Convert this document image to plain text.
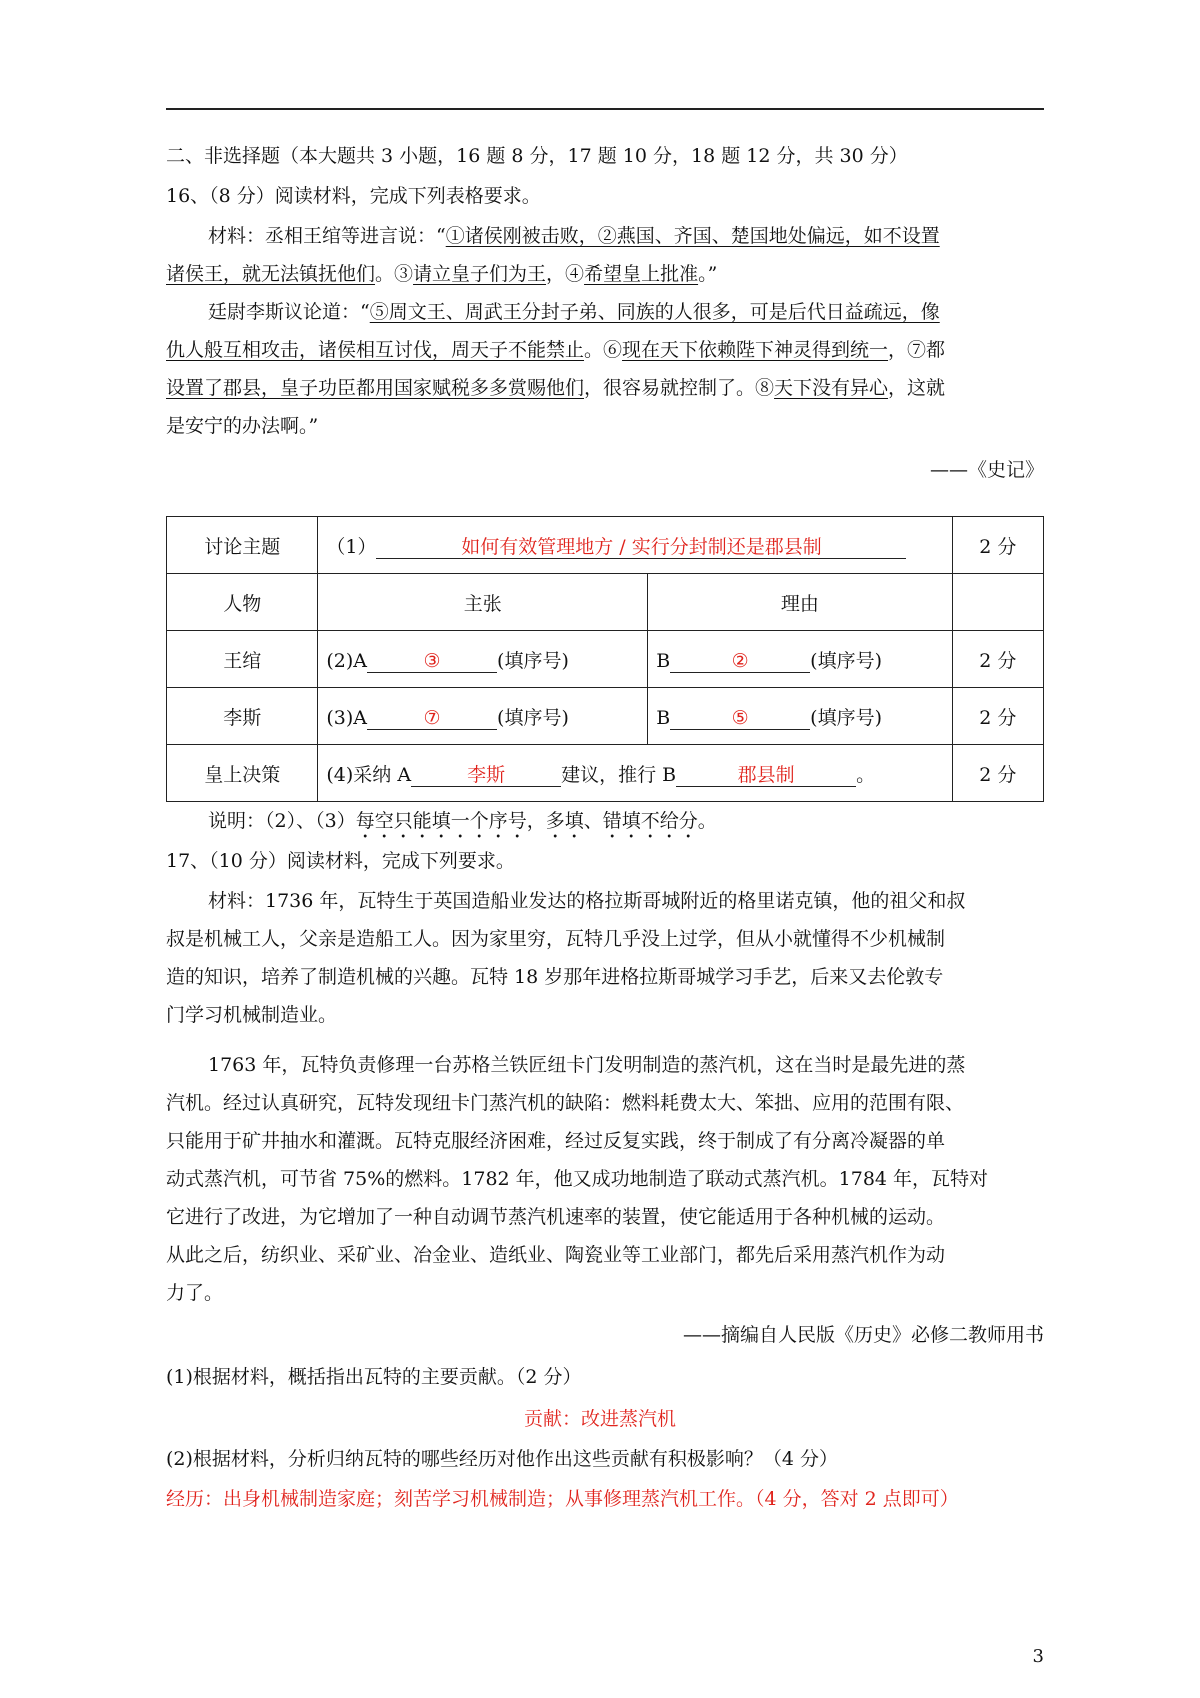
二、非选择题（本大题共 3 小题，16 题 8 分，17 题 10 分，18 题 12 分，共 30 分）
16、（8 分）阅读材料，完成下列表格要求。
材料：丞相王绾等进言说：“①诸侯刚被击败，②燕国、齐国、楚国地处偏远，如不设置
诸侯王，就无法镇抚他们。③请立皇子们为王，④希望皇上批准。”
廷尉李斯议论道：“⑤周文王、周武王分封子弟、同族的人很多，可是后代日益疏远，像
仇人般互相攻击，诸侯相互讨伐，周天子不能禁止。⑥现在天下依赖陛下神灵得到统一，⑦都
设置了郡县，皇子功臣都用国家赋税多多赏赐他们，很容易就控制了。⑧天下没有异心，这就
是安宁的办法啊。”
——《史记》
讨论主题	（1） 如何有效管理地方 / 实行分封制还是郡县制		2 分
人物	主张	理由	
王绾	(2)A ③ (填序号)	B ② (填序号)	2 分
李斯	(3)A ⑦ (填序号)	B ⑤ (填序号)	2 分
皇上决策	(4)采纳 A 李斯 建议，推行 B 郡县制 。		2 分
说明：（2）、（3）每空只能填一个序号，多填、错填不给分。
17、（10 分）阅读材料，完成下列要求。
材料：1736 年，瓦特生于英国造船业发达的格拉斯哥城附近的格里诺克镇，他的祖父和叔
叔是机械工人，父亲是造船工人。因为家里穷，瓦特几乎没上过学，但从小就懂得不少机械制
造的知识，培养了制造机械的兴趣。瓦特 18 岁那年进格拉斯哥城学习手艺，后来又去伦敦专
门学习机械制造业。
1763 年，瓦特负责修理一台苏格兰铁匠纽卡门发明制造的蒸汽机，这在当时是最先进的蒸
汽机。经过认真研究，瓦特发现纽卡门蒸汽机的缺陷：燃料耗费太大、笨拙、应用的范围有限、
只能用于矿井抽水和灌溉。瓦特克服经济困难，经过反复实践，终于制成了有分离冷凝器的单
动式蒸汽机，可节省 75%的燃料。1782 年，他又成功地制造了联动式蒸汽机。1784 年，瓦特对
它进行了改进，为它增加了一种自动调节蒸汽机速率的装置，使它能适用于各种机械的运动。
从此之后，纺织业、采矿业、冶金业、造纸业、陶瓷业等工业部门，都先后采用蒸汽机作为动
力了。
——摘编自人民版《历史》必修二教师用书
(1)根据材料，概括指出瓦特的主要贡献。（2 分）
贡献：改进蒸汽机
(2)根据材料，分析归纳瓦特的哪些经历对他作出这些贡献有积极影响？（4 分）
经历：出身机械制造家庭；刻苦学习机械制造；从事修理蒸汽机工作。（4 分，答对 2 点即可）
3
